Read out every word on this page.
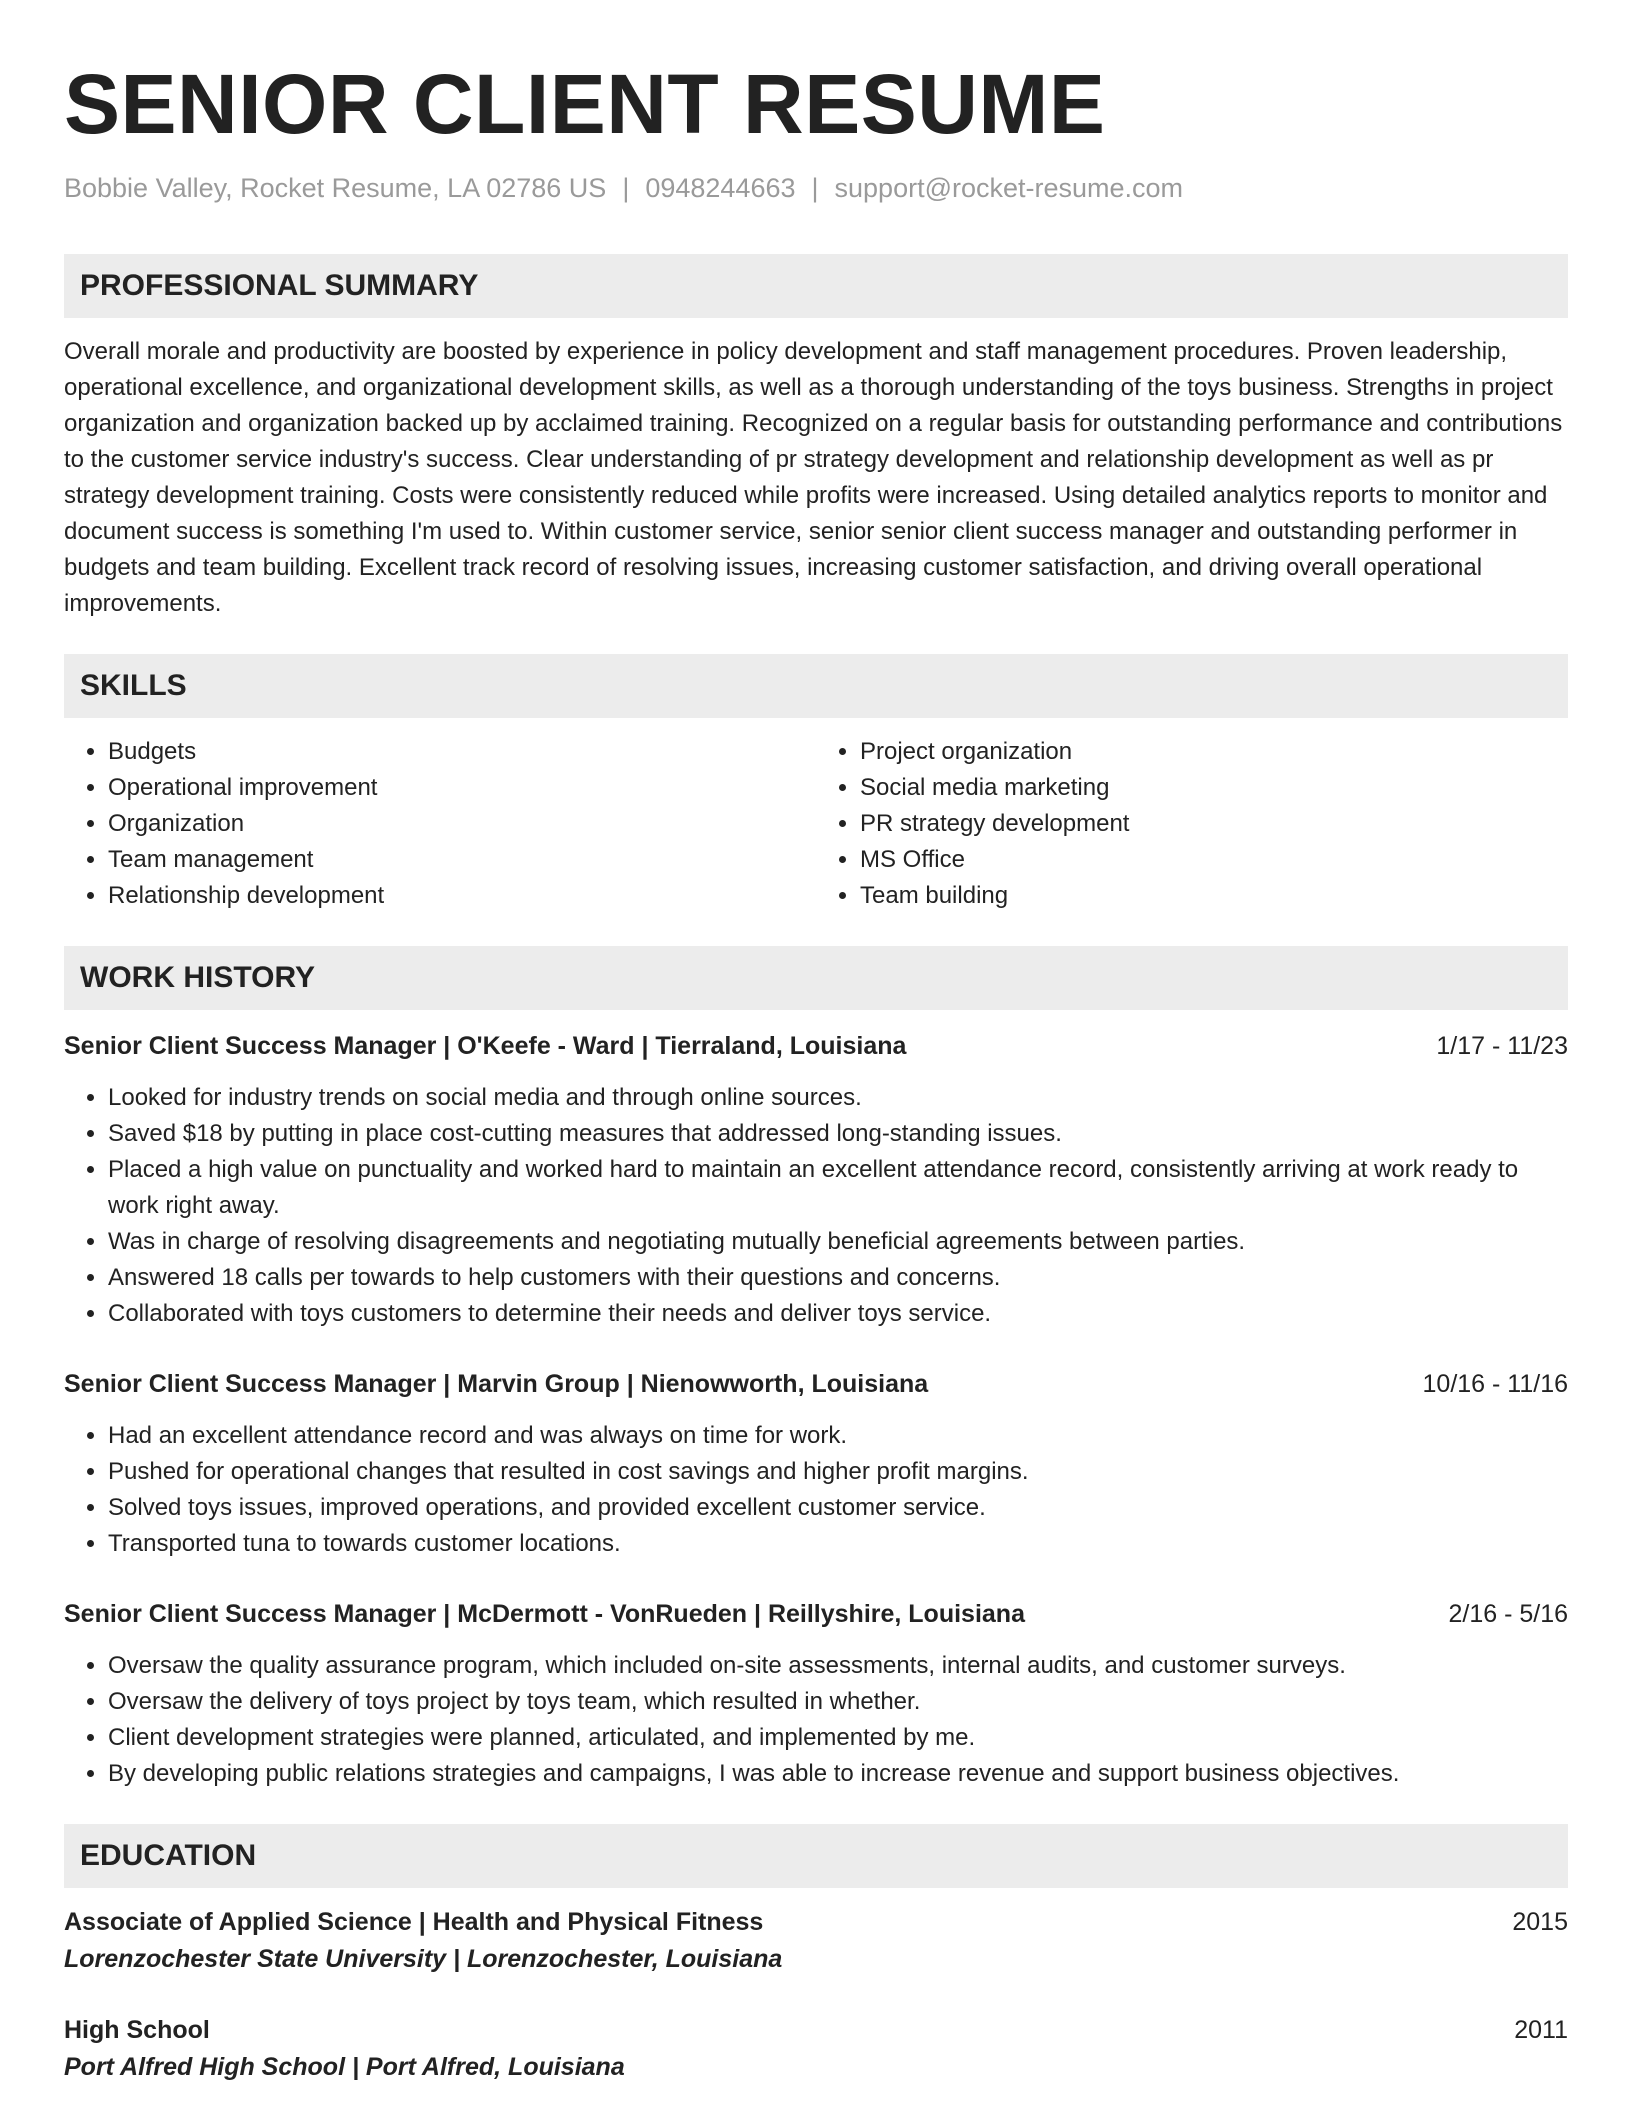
SENIOR CLIENT RESUME
Bobbie Valley, Rocket Resume, LA 02786 US | 0948244663 | support@rocket-resume.com
PROFESSIONAL SUMMARY

Overall morale and productivity are boosted by experience in policy development and staff management procedures. Proven leadership, operational excellence, and organizational development skills, as well as a thorough understanding of the toys business. Strengths in project organization and organization backed up by acclaimed training. Recognized on a regular basis for outstanding performance and contributions to the customer service industry's success. Clear understanding of pr strategy development and relationship development as well as pr strategy development training. Costs were consistently reduced while profits were increased. Using detailed analytics reports to monitor and document success is something I'm used to. Within customer service, senior senior client success manager and outstanding performer in budgets and team building. Excellent track record of resolving issues, increasing customer satisfaction, and driving overall operational improvements.

SKILLS
• Budgets
• Operational improvement
• Organization
• Team management
• Relationship development
• Project organization
• Social media marketing
• PR strategy development
• MS Office
• Team building
WORK HISTORY
Senior Client Success Manager | O'Keefe - Ward | Tierraland, Louisiana	1/17 - 11/23
• Looked for industry trends on social media and through online sources.
• Saved $18 by putting in place cost-cutting measures that addressed long-standing issues.
• Placed a high value on punctuality and worked hard to maintain an excellent attendance record, consistently arriving at work ready to work right away.
• Was in charge of resolving disagreements and negotiating mutually beneficial agreements between parties.
• Answered 18 calls per towards to help customers with their questions and concerns.
• Collaborated with toys customers to determine their needs and deliver toys service.
Senior Client Success Manager | Marvin Group | Nienowworth, Louisiana	10/16 - 11/16
• Had an excellent attendance record and was always on time for work.
• Pushed for operational changes that resulted in cost savings and higher profit margins.
• Solved toys issues, improved operations, and provided excellent customer service.
• Transported tuna to towards customer locations.
Senior Client Success Manager | McDermott - VonRueden | Reillyshire, Louisiana	2/16 - 5/16
• Oversaw the quality assurance program, which included on-site assessments, internal audits, and customer surveys.
• Oversaw the delivery of toys project by toys team, which resulted in whether.
• Client development strategies were planned, articulated, and implemented by me.
• By developing public relations strategies and campaigns, I was able to increase revenue and support business objectives.
EDUCATION
Associate of Applied Science | Health and Physical Fitness	2015
Lorenzochester State University | Lorenzochester, Louisiana
High School	2011
Port Alfred High School | Port Alfred, Louisiana
